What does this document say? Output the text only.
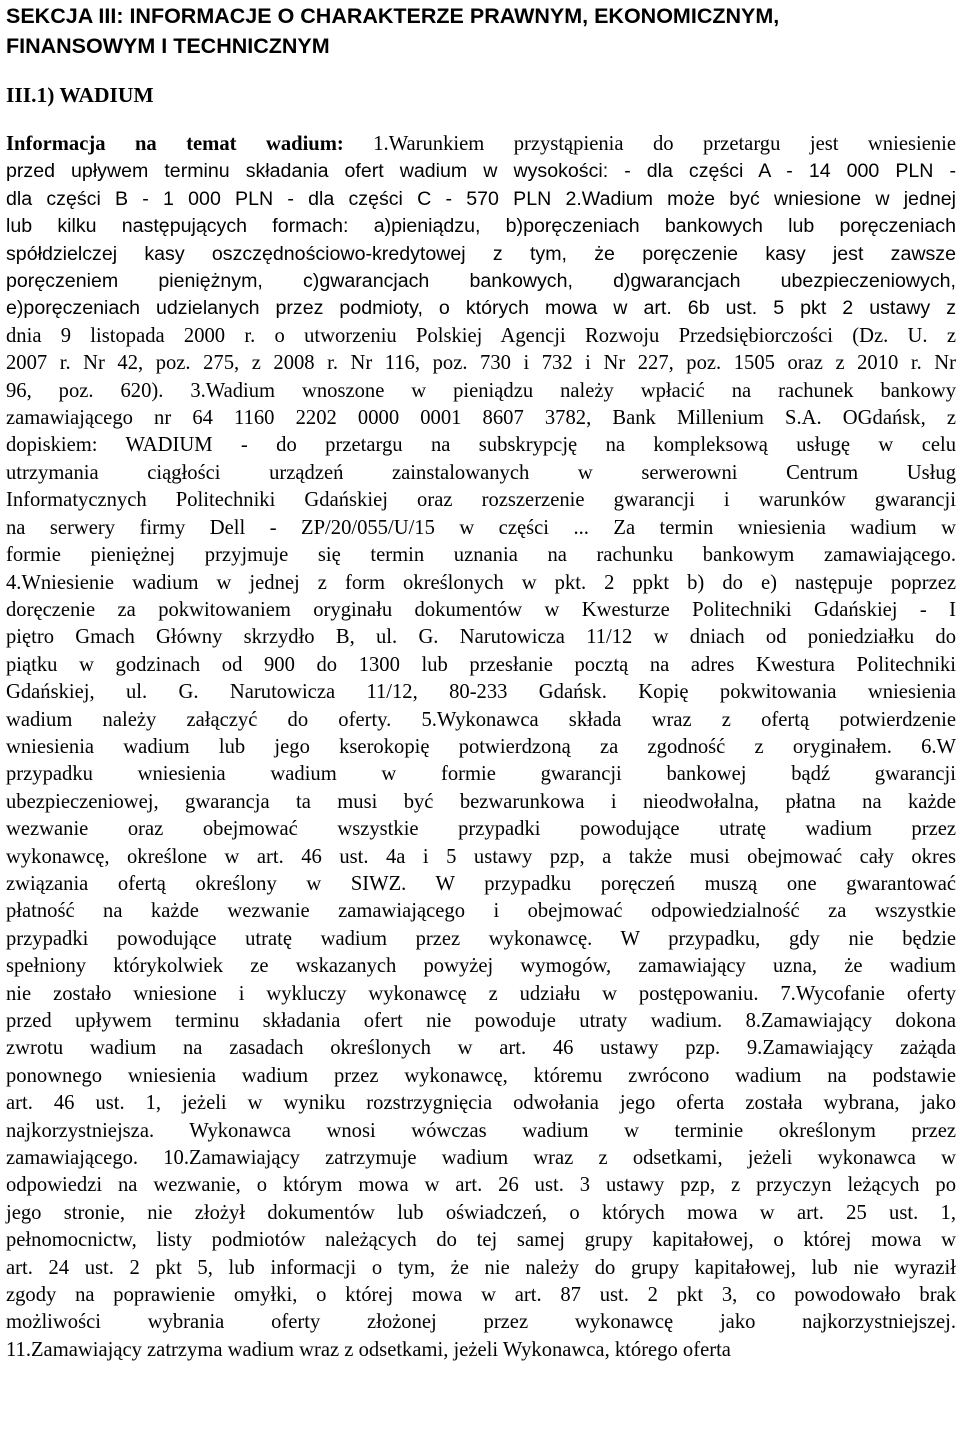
SEKCJA III: INFORMACJE O CHARAKTERZE PRAWNYM, EKONOMICZNYM,
FINANSOWYM I TECHNICZNYM
III.1) WADIUM
Informacja na temat wadium: 1.Warunkiem przystąpienia do przetargu jest wniesienie
przed upływem terminu składania ofert wadium w wysokości: - dla części A - 14 000 PLN -
dla części B - 1 000 PLN - dla części C - 570 PLN 2.Wadium może być wniesione w jednej
lub kilku następujących formach: a)pieniądzu, b)poręczeniach bankowych lub poręczeniach
spółdzielczej kasy oszczędnościowo-kredytowej z tym, że poręczenie kasy jest zawsze
poręczeniem pieniężnym, c)gwarancjach bankowych, d)gwarancjach ubezpieczeniowych,
e)poręczeniach udzielanych przez podmioty, o których mowa w art. 6b ust. 5 pkt 2 ustawy z
dnia 9 listopada 2000 r. o utworzeniu Polskiej Agencji Rozwoju Przedsiębiorczości (Dz. U. z
2007 r. Nr 42, poz. 275, z 2008 r. Nr 116, poz. 730 i 732 i Nr 227, poz. 1505 oraz z 2010 r. Nr
96, poz. 620). 3.Wadium wnoszone w pieniądzu należy wpłacić na rachunek bankowy
zamawiającego nr 64 1160 2202 0000 0001 8607 3782, Bank Millenium S.A. OGdańsk, z
dopiskiem: WADIUM - do przetargu na subskrypcję na kompleksową usługę w celu
utrzymania ciągłości urządzeń zainstalowanych w serwerowni Centrum Usług
Informatycznych Politechniki Gdańskiej oraz rozszerzenie gwarancji i warunków gwarancji
na serwery firmy Dell - ZP/20/055/U/15 w części ... Za termin wniesienia wadium w
formie pieniężnej przyjmuje się termin uznania na rachunku bankowym zamawiającego.
4.Wniesienie wadium w jednej z form określonych w pkt. 2 ppkt b) do e) następuje poprzez
doręczenie za pokwitowaniem oryginału dokumentów w Kwesturze Politechniki Gdańskiej - I
piętro Gmach Główny skrzydło B, ul. G. Narutowicza 11/12 w dniach od poniedziałku do
piątku w godzinach od 900 do 1300 lub przesłanie pocztą na adres Kwestura Politechniki
Gdańskiej, ul. G. Narutowicza 11/12, 80-233 Gdańsk. Kopię pokwitowania wniesienia
wadium należy załączyć do oferty. 5.Wykonawca składa wraz z ofertą potwierdzenie
wniesienia wadium lub jego kserokopię potwierdzoną za zgodność z oryginałem. 6.W
przypadku wniesienia wadium w formie gwarancji bankowej bądź gwarancji
ubezpieczeniowej, gwarancja ta musi być bezwarunkowa i nieodwołalna, płatna na każde
wezwanie oraz obejmować wszystkie przypadki powodujące utratę wadium przez
wykonawcę, określone w art. 46 ust. 4a i 5 ustawy pzp, a także musi obejmować cały okres
związania ofertą określony w SIWZ. W przypadku poręczeń muszą one gwarantować
płatność na każde wezwanie zamawiającego i obejmować odpowiedzialność za wszystkie
przypadki powodujące utratę wadium przez wykonawcę. W przypadku, gdy nie będzie
spełniony którykolwiek ze wskazanych powyżej wymogów, zamawiający uzna, że wadium
nie zostało wniesione i wykluczy wykonawcę z udziału w postępowaniu. 7.Wycofanie oferty
przed upływem terminu składania ofert nie powoduje utraty wadium. 8.Zamawiający dokona
zwrotu wadium na zasadach określonych w art. 46 ustawy pzp. 9.Zamawiający zażąda
ponownego wniesienia wadium przez wykonawcę, któremu zwrócono wadium na podstawie
art. 46 ust. 1, jeżeli w wyniku rozstrzygnięcia odwołania jego oferta została wybrana, jako
najkorzystniejsza. Wykonawca wnosi wówczas wadium w terminie określonym przez
zamawiającego. 10.Zamawiający zatrzymuje wadium wraz z odsetkami, jeżeli wykonawca w
odpowiedzi na wezwanie, o którym mowa w art. 26 ust. 3 ustawy pzp, z przyczyn leżących po
jego stronie, nie złożył dokumentów lub oświadczeń, o których mowa w art. 25 ust. 1,
pełnomocnictw, listy podmiotów należących do tej samej grupy kapitałowej, o której mowa w
art. 24 ust. 2 pkt 5, lub informacji o tym, że nie należy do grupy kapitałowej, lub nie wyraził
zgody na poprawienie omyłki, o której mowa w art. 87 ust. 2 pkt 3, co powodowało brak
możliwości wybrania oferty złożonej przez wykonawcę jako najkorzystniejszej.
11.Zamawiający zatrzyma wadium wraz z odsetkami, jeżeli Wykonawca, którego oferta
